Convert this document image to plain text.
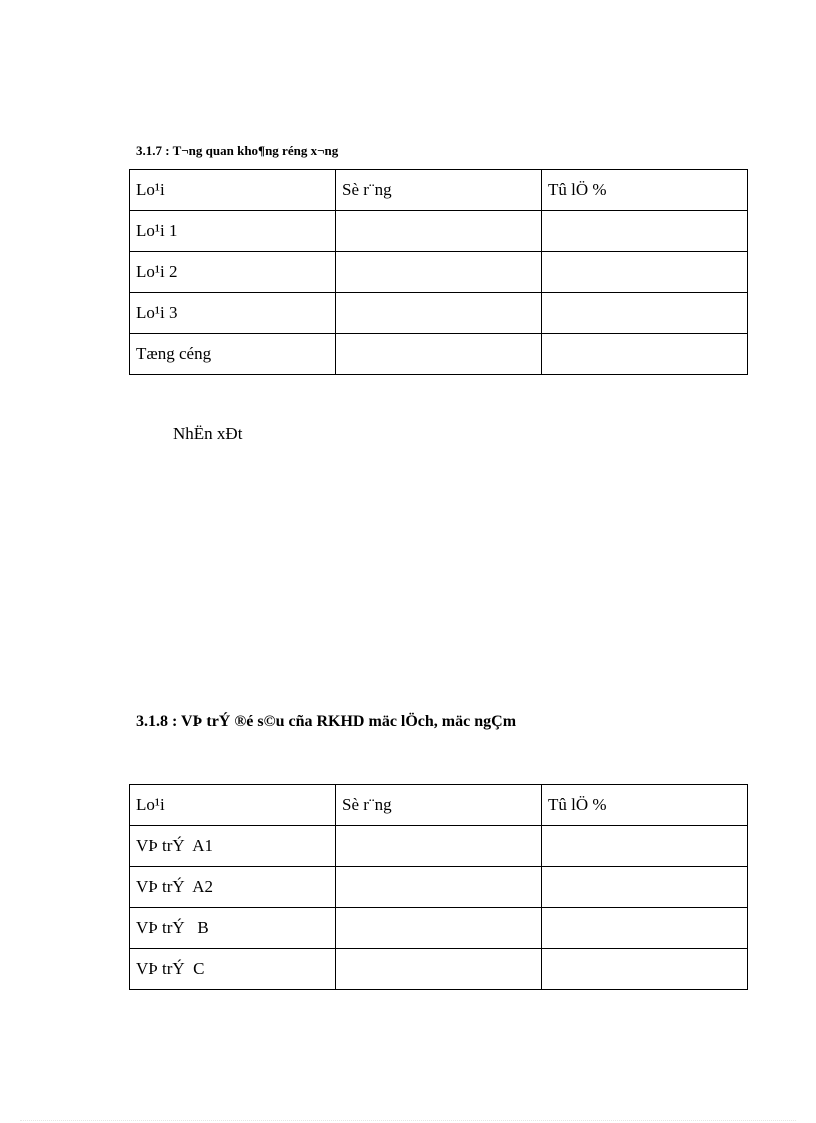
3.1.7 : T¬ng quan kho¶ng réng x¬ng
Lo¹i	Sè r¨ng	Tû lÖ %
Lo¹i 1		
Lo¹i 2		
Lo¹i 3		
Tæng céng		
NhËn xÐt
3.1.8 : VÞ trÝ ®é s©u cña RKHD mäc lÖch, mäc ngÇm
Lo¹i	Sè r¨ng	Tû lÖ %
VÞ trÝ  A1		
VÞ trÝ  A2		
VÞ trÝ   B		
VÞ trÝ  C		
